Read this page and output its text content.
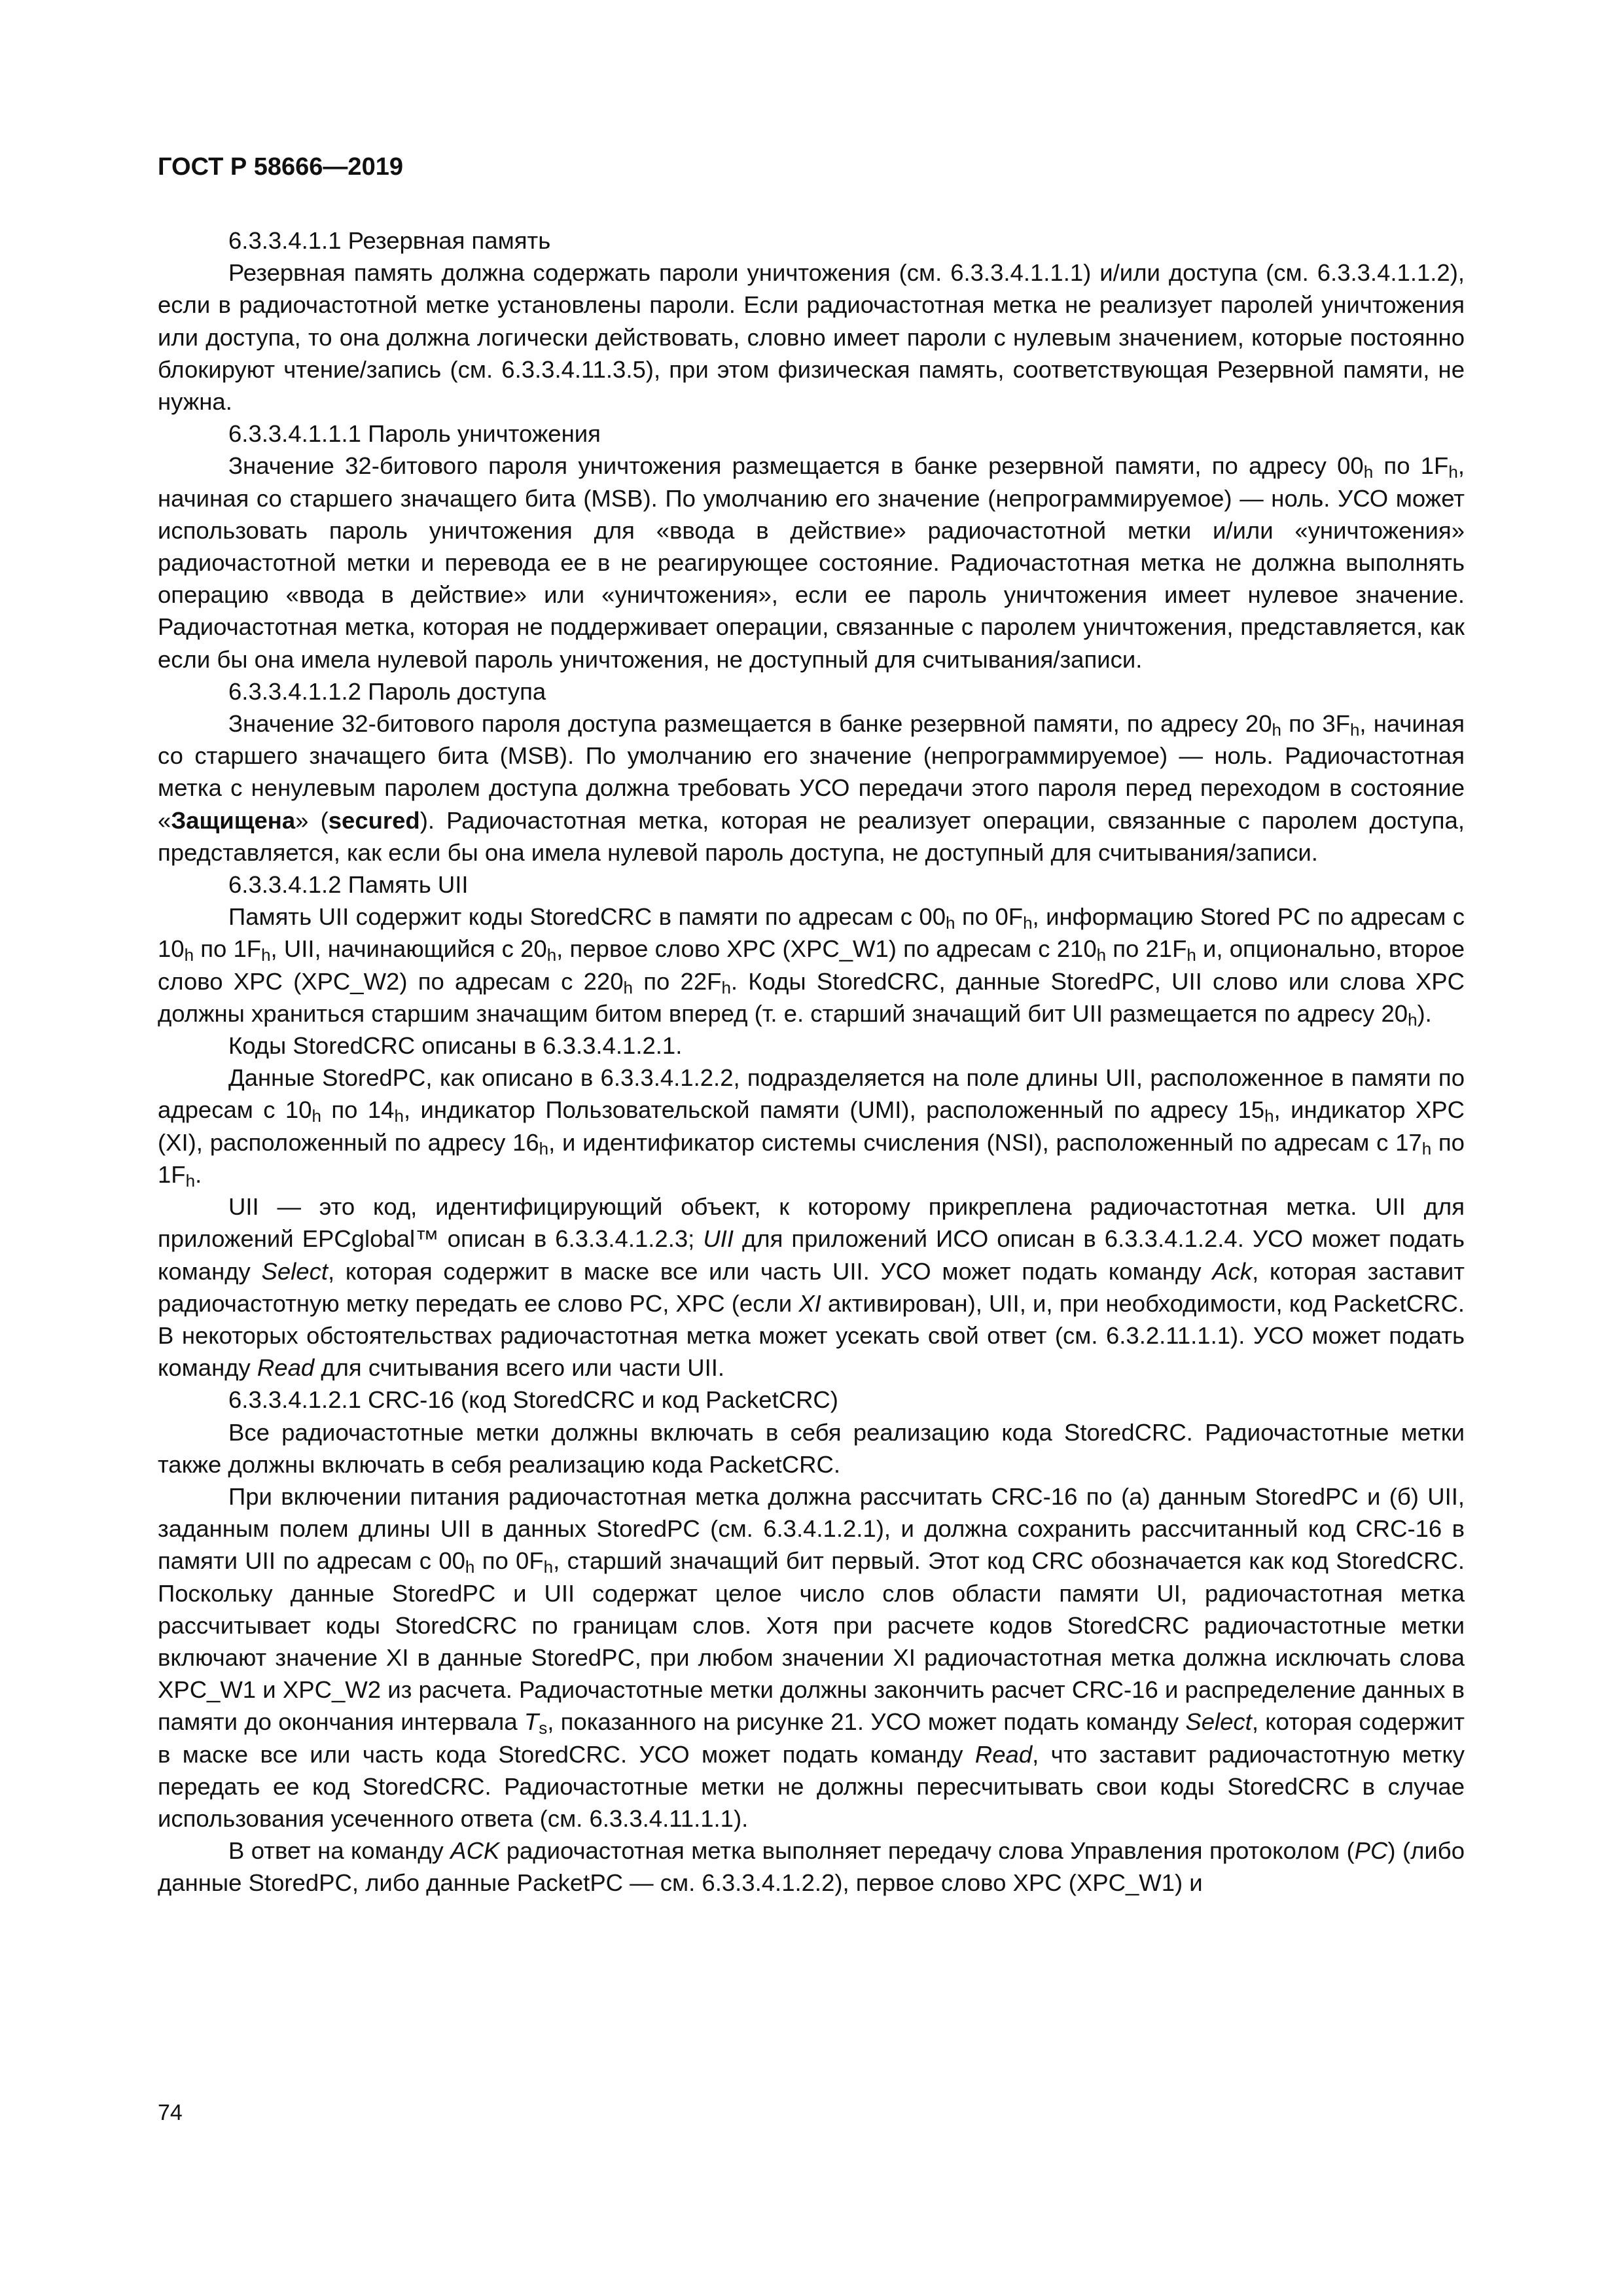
ГОСТ Р 58666—2019
6.3.3.4.1.1 Резервная память
Резервная память должна содержать пароли уничтожения (см. 6.3.3.4.1.1.1) и/или доступа (см. 6.3.3.4.1.1.2), если в радиочастотной метке установлены пароли. Если радиочастотная метка не реализует паролей уничтожения или доступа, то она должна логически действовать, словно имеет пароли с нулевым значением, которые постоянно блокируют чтение/запись (см. 6.3.3.4.11.3.5), при этом физическая память, соответствующая Резервной памяти, не нужна.
6.3.3.4.1.1.1 Пароль уничтожения
Значение 32-битового пароля уничтожения размещается в банке резервной памяти, по адресу $00_h$ по $1F_h$, начиная со старшего значащего бита (MSB). По умолчанию его значение (непрограммируемое) — ноль. УСО может использовать пароль уничтожения для «ввода в действие» радиочастотной метки и/или «уничтожения» радиочастотной метки и перевода ее в не реагирующее состояние. Радиочастотная метка не должна выполнять операцию «ввода в действие» или «уничтожения», если ее пароль уничтожения имеет нулевое значение. Радиочастотная метка, которая не поддерживает операции, связанные с паролем уничтожения, представляется, как если бы она имела нулевой пароль уничтожения, не доступный для считывания/записи.
6.3.3.4.1.1.2 Пароль доступа
Значение 32-битового пароля доступа размещается в банке резервной памяти, по адресу $20_h$ по $3F_h$, начиная со старшего значащего бита (MSB). По умолчанию его значение (непрограммируемое) — ноль. Радиочастотная метка с ненулевым паролем доступа должна требовать УСО передачи этого пароля перед переходом в состояние «Защищена» (secured). Радиочастотная метка, которая не реализует операции, связанные с паролем доступа, представляется, как если бы она имела нулевой пароль доступа, не доступный для считывания/записи.
6.3.3.4.1.2 Память UII
Память UII содержит коды StoredCRC в памяти по адресам с $00_h$ по $0F_h$, информацию Stored PC по адресам с $10_h$ по $1F_h$, UII, начинающийся с $20_h$, первое слово XPC (XPC_W1) по адресам с $210_h$ по $21F_h$ и, опционально, второе слово XPC (XPC_W2) по адресам с $220_h$ по $22F_h$. Коды StoredCRC, данные StoredPC, UII слово или слова XPC должны храниться старшим значащим битом вперед (т. е. старший значащий бит UII размещается по адресу $20_h$).
Коды StoredCRC описаны в 6.3.3.4.1.2.1.
Данные StoredPC, как описано в 6.3.3.4.1.2.2, подразделяется на поле длины UII, расположенное в памяти по адресам с $10_h$ по $14_h$, индикатор Пользовательской памяти (UMI), расположенный по адресу $15_h$, индикатор XPC (XI), расположенный по адресу $16_h$, и идентификатор системы счисления (NSI), расположенный по адресам с $17_h$ по $1F_h$.
UII — это код, идентифицирующий объект, к которому прикреплена радиочастотная метка. UII для приложений EPCglobal™ описан в 6.3.3.4.1.2.3; UII для приложений ИСО описан в 6.3.3.4.1.2.4. УСО может подать команду Select, которая содержит в маске все или часть UII. УСО может подать команду Ack, которая заставит радиочастотную метку передать ее слово PC, XPC (если XI активирован), UII, и, при необходимости, код PacketCRC. В некоторых обстоятельствах радиочастотная метка может усекать свой ответ (см. 6.3.2.11.1.1). УСО может подать команду Read для считывания всего или части UII.
6.3.3.4.1.2.1 CRC-16 (код StoredCRC и код PacketCRC)
Все радиочастотные метки должны включать в себя реализацию кода StoredCRC. Радиочастотные метки также должны включать в себя реализацию кода PacketCRC.
При включении питания радиочастотная метка должна рассчитать CRC-16 по (а) данным StoredPC и (б) UII, заданным полем длины UII в данных StoredPC (см. 6.3.4.1.2.1), и должна сохранить рассчитанный код CRC-16 в памяти UII по адресам с $00_h$ по $0F_h$, старший значащий бит первый. Этот код CRC обозначается как код StoredCRC. Поскольку данные StoredPC и UII содержат целое число слов области памяти UI, радиочастотная метка рассчитывает коды StoredCRC по границам слов. Хотя при расчете кодов StoredCRC радиочастотные метки включают значение XI в данные StoredPC, при любом значении XI радиочастотная метка должна исключать слова XPC_W1 и XPC_W2 из расчета. Радиочастотные метки должны закончить расчет CRC-16 и распределение данных в памяти до окончания интервала $T_s$, показанного на рисунке 21. УСО может подать команду Select, которая содержит в маске все или часть кода StoredCRC. УСО может подать команду Read, что заставит радиочастотную метку передать ее код StoredCRC. Радиочастотные метки не должны пересчитывать свои коды StoredCRC в случае использования усеченного ответа (см. 6.3.3.4.11.1.1).
В ответ на команду ACK радиочастотная метка выполняет передачу слова Управления протоколом (PC) (либо данные StoredPC, либо данные PacketPC — см. 6.3.3.4.1.2.2), первое слово XPC (XPC_W1) и
74
